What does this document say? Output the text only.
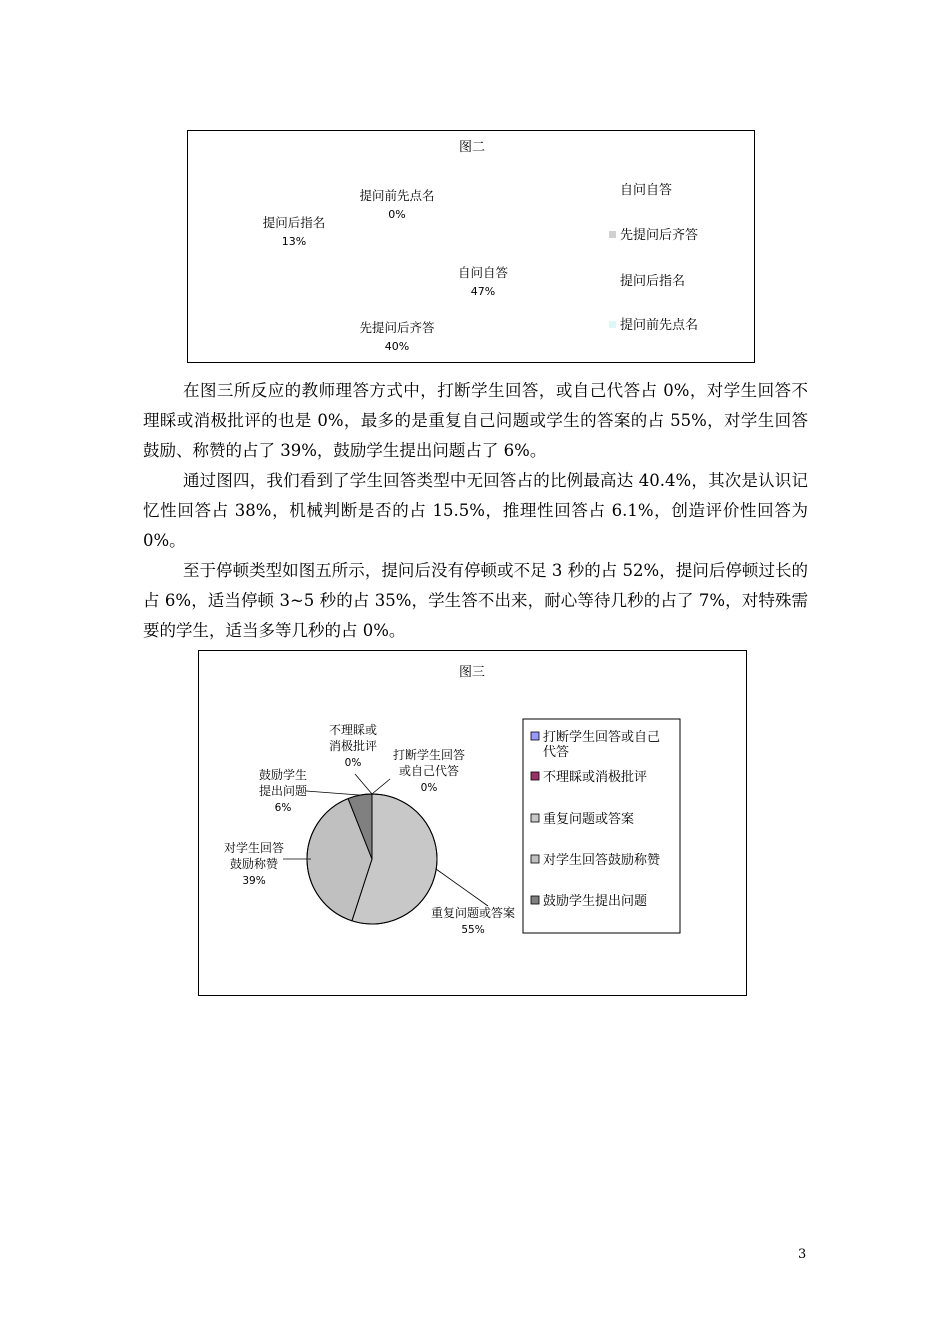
图二
自问自答
47%
先提问后齐答
40%
提问后指名
13%
提问前先点名
0%
自问自答
先提问后齐答
提问后指名
提问前先点名

在图三所反应的教师理答方式中，打断学生回答，或自己代答占 0%，对学生回答不理睬或消极批评的也是 0%，最多的是重复自己问题或学生的答案的占 55%，对学生回答鼓励、称赞的占了 39%，鼓励学生提出问题占了 6%。

通过图四，我们看到了学生回答类型中无回答占的比例最高达 40.4%，其次是认识记忆性回答占 38%，机械判断是否的占 15.5%，推理性回答占 6.1%，创造评价性回答为 0%。

至于停顿类型如图五所示，提问后没有停顿或不足 3 秒的占 52%，提问后停顿过长的占 6%，适当停顿 3~5 秒的占 35%，学生答不出来，耐心等待几秒的占了 7%，对特殊需要的学生，适当多等几秒的占 0%。

图三
打断学生回答
或自己代答
0%
不理睬或
消极批评
0%
重复问题或答案
55%
对学生回答
鼓励称赞
39%
鼓励学生
提出问题
6%
打断学生回答或自己
代答
不理睬或消极批评
重复问题或答案
对学生回答鼓励称赞
鼓励学生提出问题
3
